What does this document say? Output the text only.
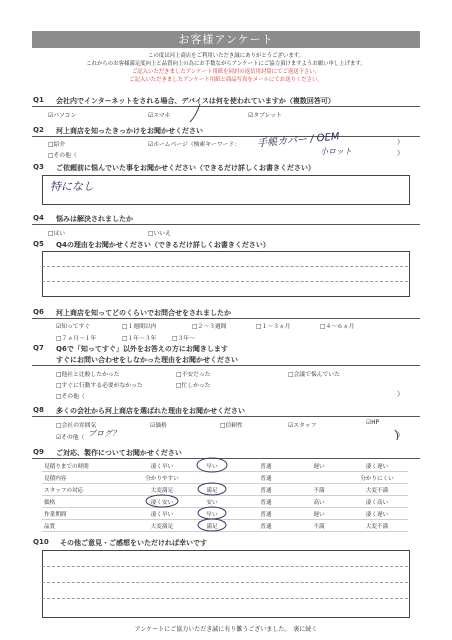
お客様アンケート
この度は河上商店をご利用いただき誠にありがとうございます。
これからのお客様満足度向上と品質向上の為にお手数ながらアンケートにご協力頂けますようお願い申し上げます。
ご記入いただきましたアンケート用紙を同封の返信用封筒にてご返送下さい。
ご記入いただきましたアンケート用紙と商品写真をメールにてお送りください。
Q1 会社内でインターネットをされる場合、デバイスは何を使われていますか（複数回答可）
☑パソコン	☑スマホ	☑タブレット
Q2 河上商店を知ったきっかけをお聞かせください
□紹介	☑ホームページ（検索キーワード： 手帳カバー / OEM
小ロット
）
□その他（	）
Q3 ご依頼前に悩んでいた事をお聞かせください（できるだけ詳しくお書きください）
特になし
Q4 悩みは解決されましたか
□はい	□いいえ
Q5 Q4の理由をお聞かせください（できるだけ詳しくお書きください）
Q6 河上商店を知ってどのくらいでお問合せをされましたか
☑知ってすぐ	□１週間以内	□２〜３週間	□１〜３ヵ月	□４〜６ヵ月
□７ヵ月〜１年	□１年〜３年	□３年〜
Q7 Q6で「知ってすぐ」以外をお答えの方にお聞きします
すぐにお問い合わせをしなかった理由をお聞かせください
□他社と比較したかった	□不安だった	□会議で悩んでいた
□すぐに行動する必要がなかった	□忙しかった
□その他（	）
Q8 多くの会社から河上商店を選ばれた理由をお聞かせください
□会社の雰囲気	☑価格	□信頼性	☑スタッフ	☑HP
☑その他（ ブログ？	）
Q9 ご対応、製作についてお聞かせください
見積りまでの時間	凄く早い	早い	普通	遅い	凄く遅い
見積内容	分かりやすい	普通	分かりにくい
スタッフの対応	大変満足	満足	普通	不満	大変不満
価格	凄く安い	安い	普通	高い	凄く高い
作業期間	凄く早い	早い	普通	遅い	凄く遅い
品質	大変満足	満足	普通	不満	大変不満
Q10 その他ご意見・ご感想をいただければ幸いです
アンケートにご協力いただき誠に有り難うございました。　裏に続く
